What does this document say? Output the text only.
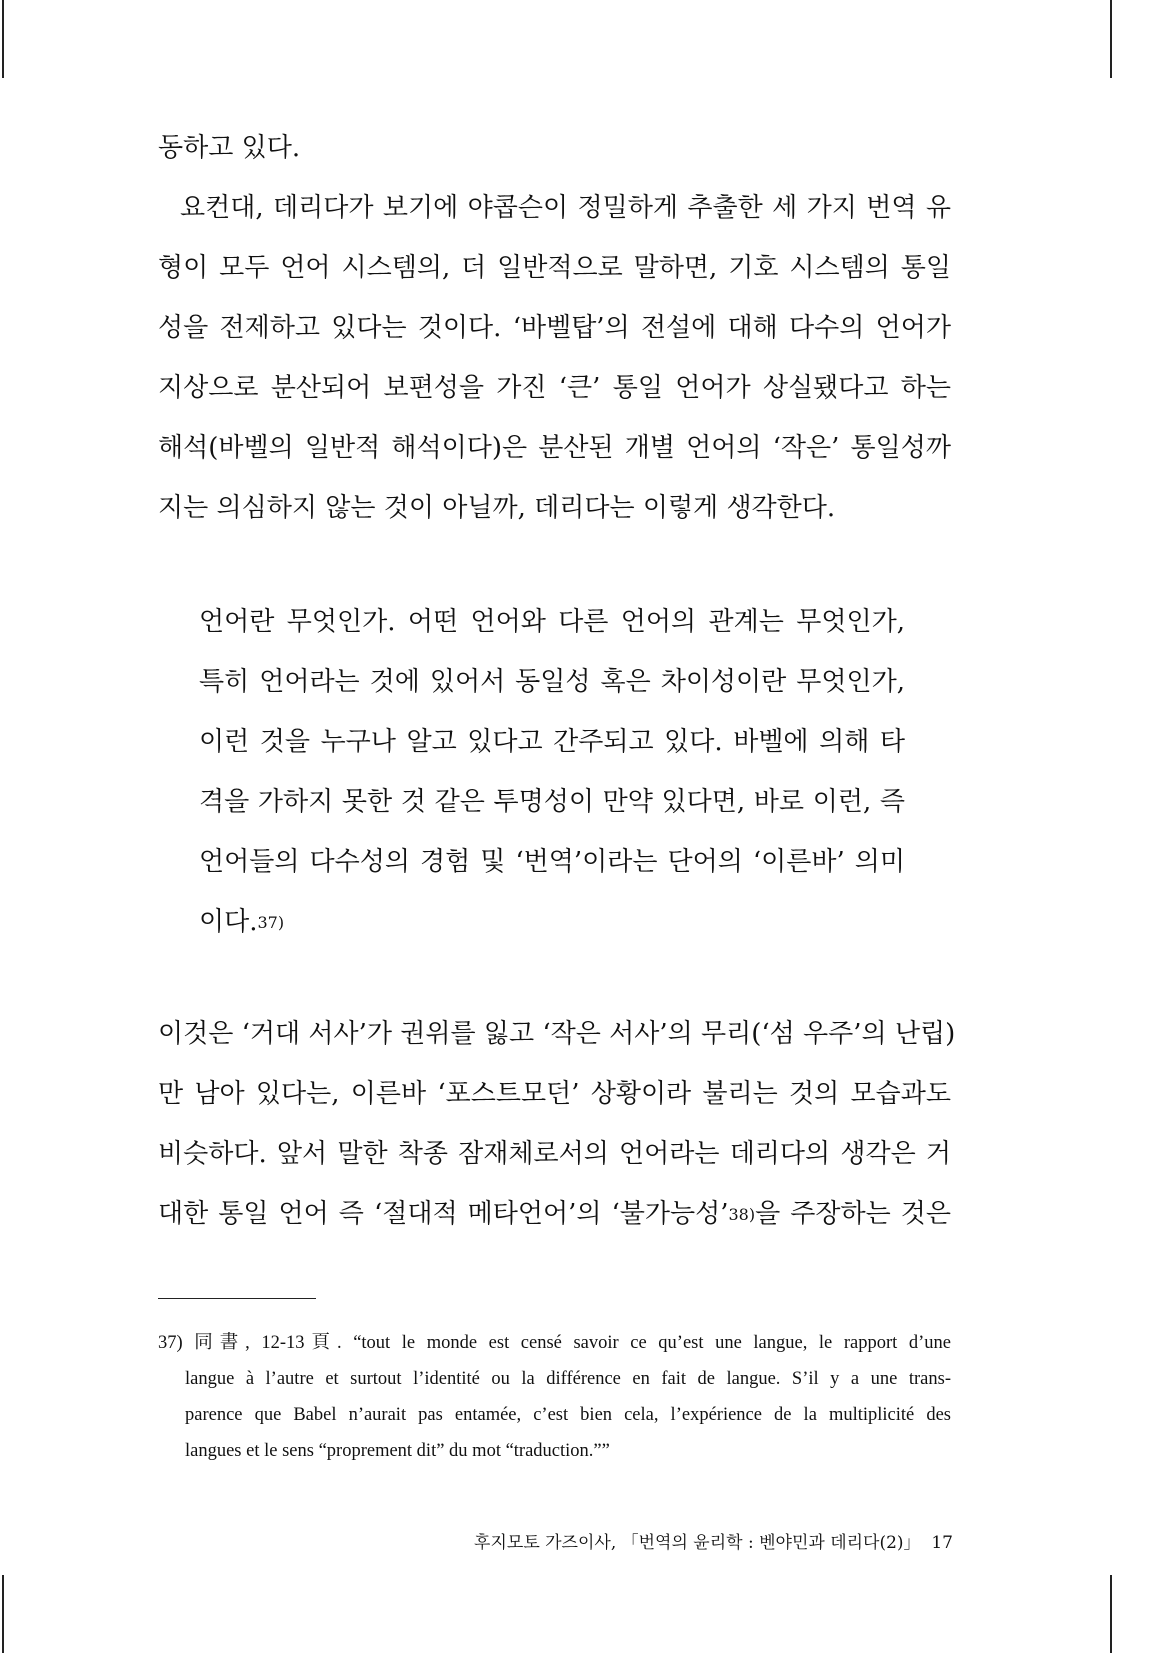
동하고 있다.

요컨대, 데리다가 보기에 야콥슨이 정밀하게 추출한 세 가지 번역 유

형이 모두 언어 시스템의, 더 일반적으로 말하면, 기호 시스템의 통일

성을 전제하고 있다는 것이다. ‘바벨탑’의 전설에 대해 다수의 언어가

지상으로 분산되어 보편성을 가진 ‘큰’ 통일 언어가 상실됐다고 하는

해석(바벨의 일반적 해석이다)은 분산된 개별 언어의 ‘작은’ 통일성까

지는 의심하지 않는 것이 아닐까, 데리다는 이렇게 생각한다.

언어란 무엇인가. 어떤 언어와 다른 언어의 관계는 무엇인가,

특히 언어라는 것에 있어서 동일성 혹은 차이성이란 무엇인가,

이런 것을 누구나 알고 있다고 간주되고 있다. 바벨에 의해 타

격을 가하지 못한 것 같은 투명성이 만약 있다면, 바로 이런, 즉

언어들의 다수성의 경험 및 ‘번역’이라는 단어의 ‘이른바’ 의미

이다.37)

이것은 ‘거대 서사’가 권위를 잃고 ‘작은 서사’의 무리(‘섬 우주’의 난립)

만 남아 있다는, 이른바 ‘포스트모던’ 상황이라 불리는 것의 모습과도

비슷하다. 앞서 말한 착종 잠재체로서의 언어라는 데리다의 생각은 거

대한 통일 언어 즉 ‘절대적 메타언어’의 ‘불가능성’38)을 주장하는 것은

37) 同書, 12-13頁. “tout le monde est censé savoir ce qu’est une langue, le rapport d’une

langue à l’autre et surtout l’identité ou la différence en fait de langue. S’il y a une trans-

parence que Babel n’aurait pas entamée, c’est bien cela, l’expérience de la multiplicité des

langues et le sens “proprement dit” du mot “traduction.””

후지모토 가즈이사, 「번역의 윤리학 : 벤야민과 데리다(2)」 17
